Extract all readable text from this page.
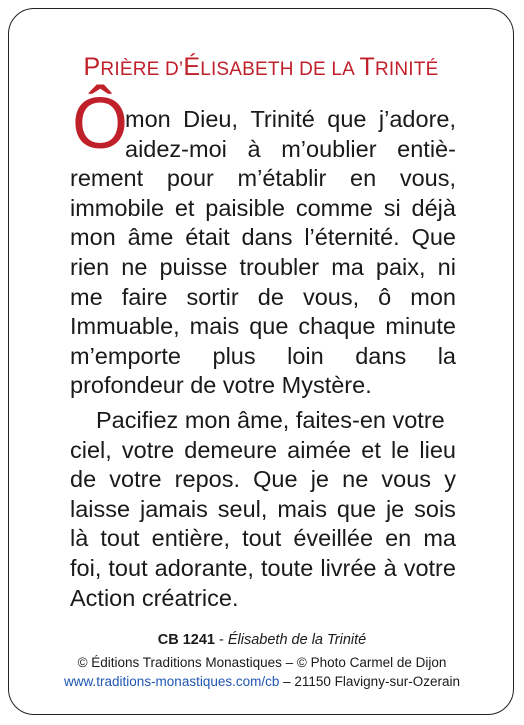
PRIÈRE D’ÉLISABETH DE LA TRINITÉ
Ô
mon Dieu, Trinité que j’adore,
aidez-moi à m’oublier entiè-
rement pour m’établir en vous,
immobile et paisible comme si déjà
mon âme était dans l’éternité. Que
rien ne puisse troubler ma paix, ni
me faire sortir de vous, ô mon
Immuable, mais que chaque minute
m’emporte plus loin dans la
profondeur de votre Mystère.
Pacifiez mon âme, faites-en votre
ciel, votre demeure aimée et le lieu
de votre repos. Que je ne vous y
laisse jamais seul, mais que je sois
là tout entière, tout éveillée en ma
foi, tout adorante, toute livrée à votre
Action créatrice.
CB 1241 - Élisabeth de la Trinité
© Éditions Traditions Monastiques – © Photo Carmel de Dijon
www.traditions-monastiques.com/cb – 21150 Flavigny-sur-Ozerain
